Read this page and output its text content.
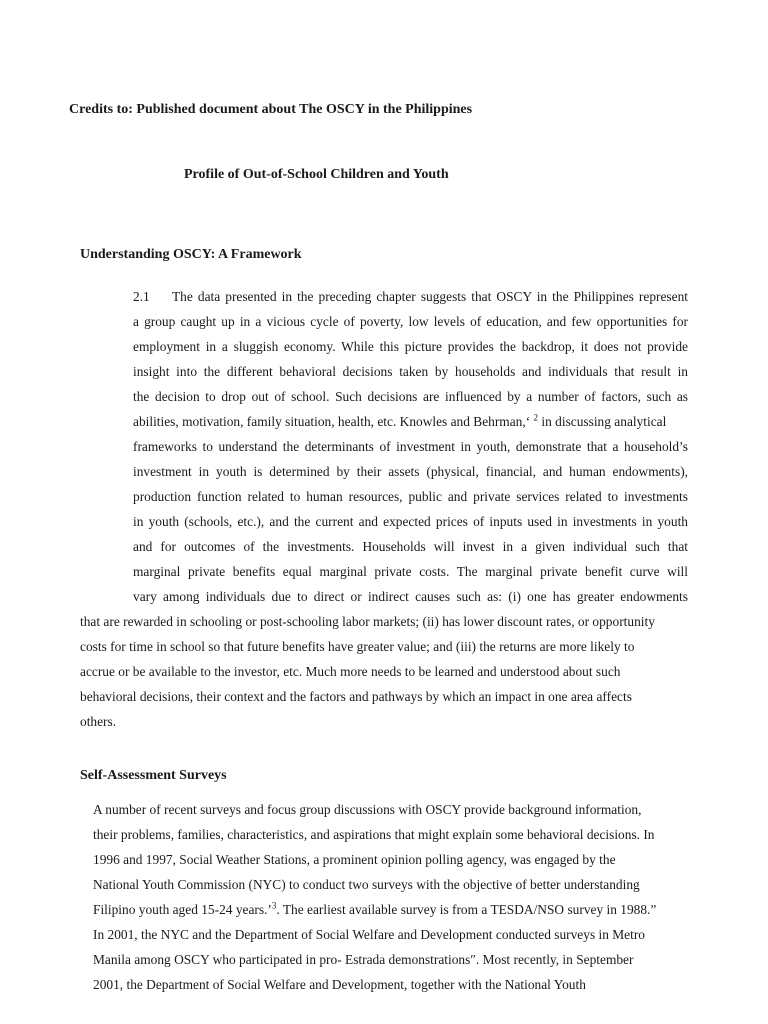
Credits to: Published document about The OSCY in the Philippines

Profile of Out-of-School Children and Youth

Understanding OSCY: A Framework

2.1 The data presented in the preceding chapter suggests that OSCY in the Philippines represent

a group caught up in a vicious cycle of poverty, low levels of education, and few opportunities for

employment in a sluggish economy. While this picture provides the backdrop, it does not provide

insight into the different behavioral decisions taken by households and individuals that result in

the decision to drop out of school. Such decisions are influenced by a number of factors, such as

abilities, motivation, family situation, health, etc. Knowles and Behrman,‘ $^2$ in discussing analytical

frameworks to understand the determinants of investment in youth, demonstrate that a household’s

investment in youth is determined by their assets (physical, financial, and human endowments),

production function related to human resources, public and private services related to investments

in youth (schools, etc.), and the current and expected prices of inputs used in investments in youth

and for outcomes of the investments. Households will invest in a given individual such that

marginal private benefits equal marginal private costs. The marginal private benefit curve will

vary among individuals due to direct or indirect causes such as: (i) one has greater endowments

that are rewarded in schooling or post-schooling labor markets; (ii) has lower discount rates, or opportunity

costs for time in school so that future benefits have greater value; and (iii) the returns are more likely to

accrue or be available to the investor, etc. Much more needs to be learned and understood about such

behavioral decisions, their context and the factors and pathways by which an impact in one area affects

others.

Self-Assessment Surveys

A number of recent surveys and focus group discussions with OSCY provide background information,

their problems, families, characteristics, and aspirations that might explain some behavioral decisions. In

1996 and 1997, Social Weather Stations, a prominent opinion polling agency, was engaged by the

National Youth Commission (NYC) to conduct two surveys with the objective of better understanding

Filipino youth aged 15-24 years.’$^3$. The earliest available survey is from a TESDA/NSO survey in 1988.”

In 2001, the NYC and the Department of Social Welfare and Development conducted surveys in Metro

Manila among OSCY who participated in pro- Estrada demonstrations″. Most recently, in September

2001, the Department of Social Welfare and Development, together with the National Youth
